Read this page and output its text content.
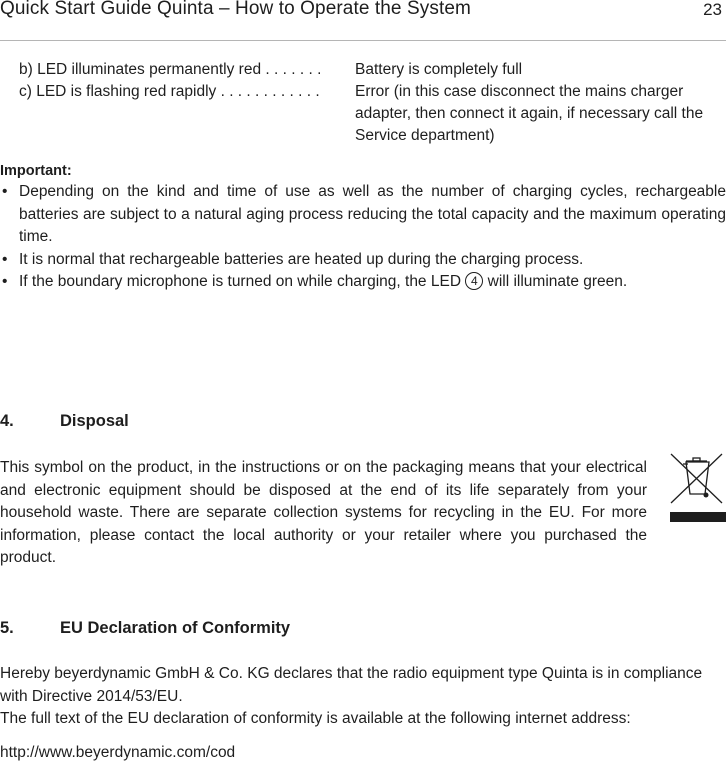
Quick Start Guide Quinta – How to Operate the System	23
b) LED illuminates permanently red . . . . . . . Battery is completely full
c) LED is flashing red rapidly . . . . . . . . . . . . Error (in this case disconnect the mains charger adapter, then connect it again, if necessary call the Service department)
Important:
• Depending on the kind and time of use as well as the number of charging cycles, rechargeable batteries are subject to a natural aging process reducing the total capacity and the maximum operating time.
• It is normal that rechargeable batteries are heated up during the charging process.
• If the boundary microphone is turned on while charging, the LED 4 will illuminate green.
4.	Disposal
This symbol on the product, in the instructions or on the packaging means that your electrical and electronic equipment should be disposed at the end of its life separately from your household waste. There are separate collection systems for recycling in the EU. For more information, please contact the local authority or your retailer where you purchased the product.
5.	EU Declaration of Conformity
Hereby beyerdynamic GmbH & Co. KG declares that the radio equipment type Quinta is in compliance with Directive 2014/53/EU.
The full text of the EU declaration of conformity is available at the following internet address:
http://www.beyerdynamic.com/cod
